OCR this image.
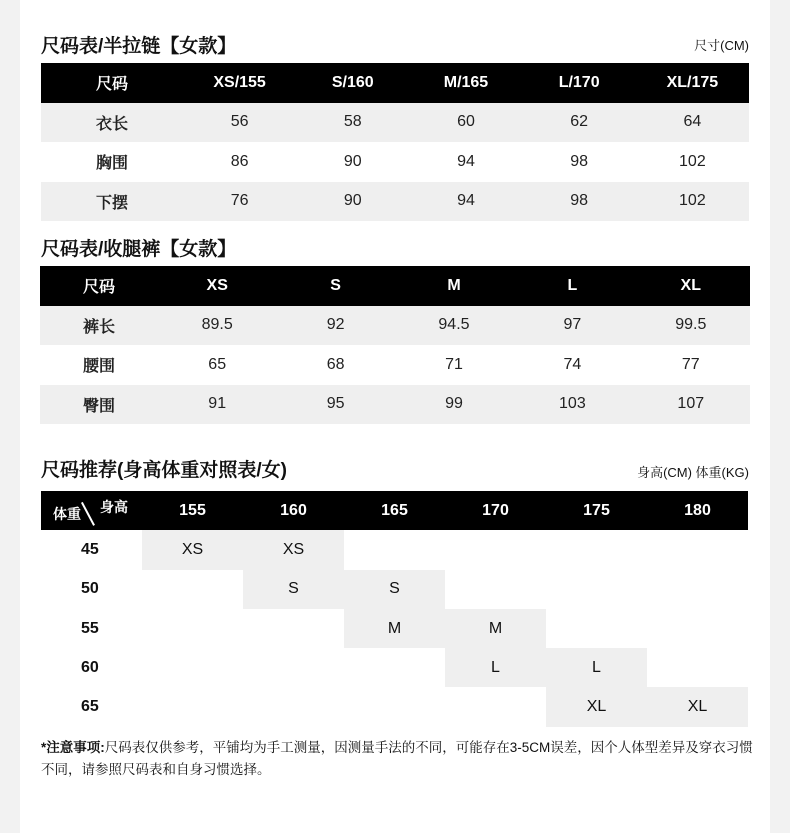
尺码表/半拉链【女款】	尺寸(CM)
尺码	XS/155	S/160	M/165	L/170	XL/175
衣长	56	58	60	62	64
胸围	86	90	94	98	102
下摆	76	90	94	98	102
尺码表/收腿裤【女款】
尺码	XS	S	M	L	XL
裤长	89.5	92	94.5	97	99.5
腰围	65	68	71	74	77
臀围	91	95	99	103	107
尺码推荐(身高体重对照表/女)	身高(CM) 体重(KG)
身高
体重	155	160	165	170	175	180
45	XS	XS				
50		S	S			
55			M	M		
60				L	L	
65					XL	XL
*注意事项:尺码表仅供参考，平铺均为手工测量，因测量手法的不同，可能存在3-5CM误差，因个人体型差异及穿衣习惯不同，请参照尺码表和自身习惯选择。
